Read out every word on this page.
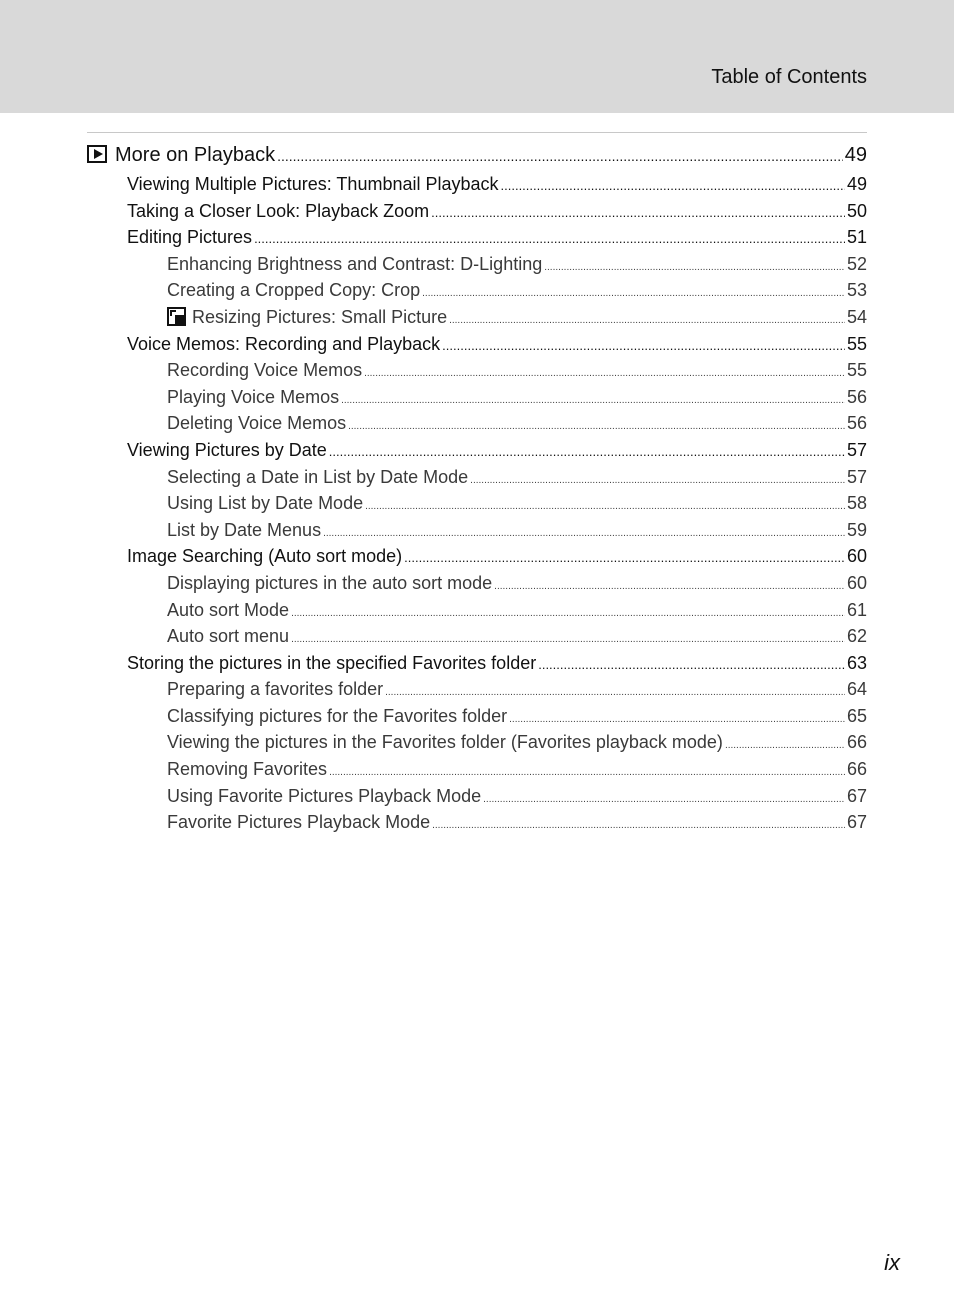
Table of Contents
More on Playback .....	49
Viewing Multiple Pictures: Thumbnail Playback .....	49
Taking a Closer Look: Playback Zoom .....	50
Editing Pictures .....	51
Enhancing Brightness and Contrast: D-Lighting .....	52
Creating a Cropped Copy: Crop .....	53
Resizing Pictures: Small Picture .....	54
Voice Memos: Recording and Playback .....	55
Recording Voice Memos .....	55
Playing Voice Memos .....	56
Deleting Voice Memos .....	56
Viewing Pictures by Date .....	57
Selecting a Date in List by Date Mode .....	57
Using List by Date Mode .....	58
List by Date Menus .....	59
Image Searching (Auto sort mode) .....	60
Displaying pictures in the auto sort mode .....	60
Auto sort Mode .....	61
Auto sort menu .....	62
Storing the pictures in the specified Favorites folder .....	63
Preparing a favorites folder .....	64
Classifying pictures for the Favorites folder .....	65
Viewing the pictures in the Favorites folder (Favorites playback mode) .....	66
Removing Favorites .....	66
Using Favorite Pictures Playback Mode .....	67
Favorite Pictures Playback Mode .....	67
ix
